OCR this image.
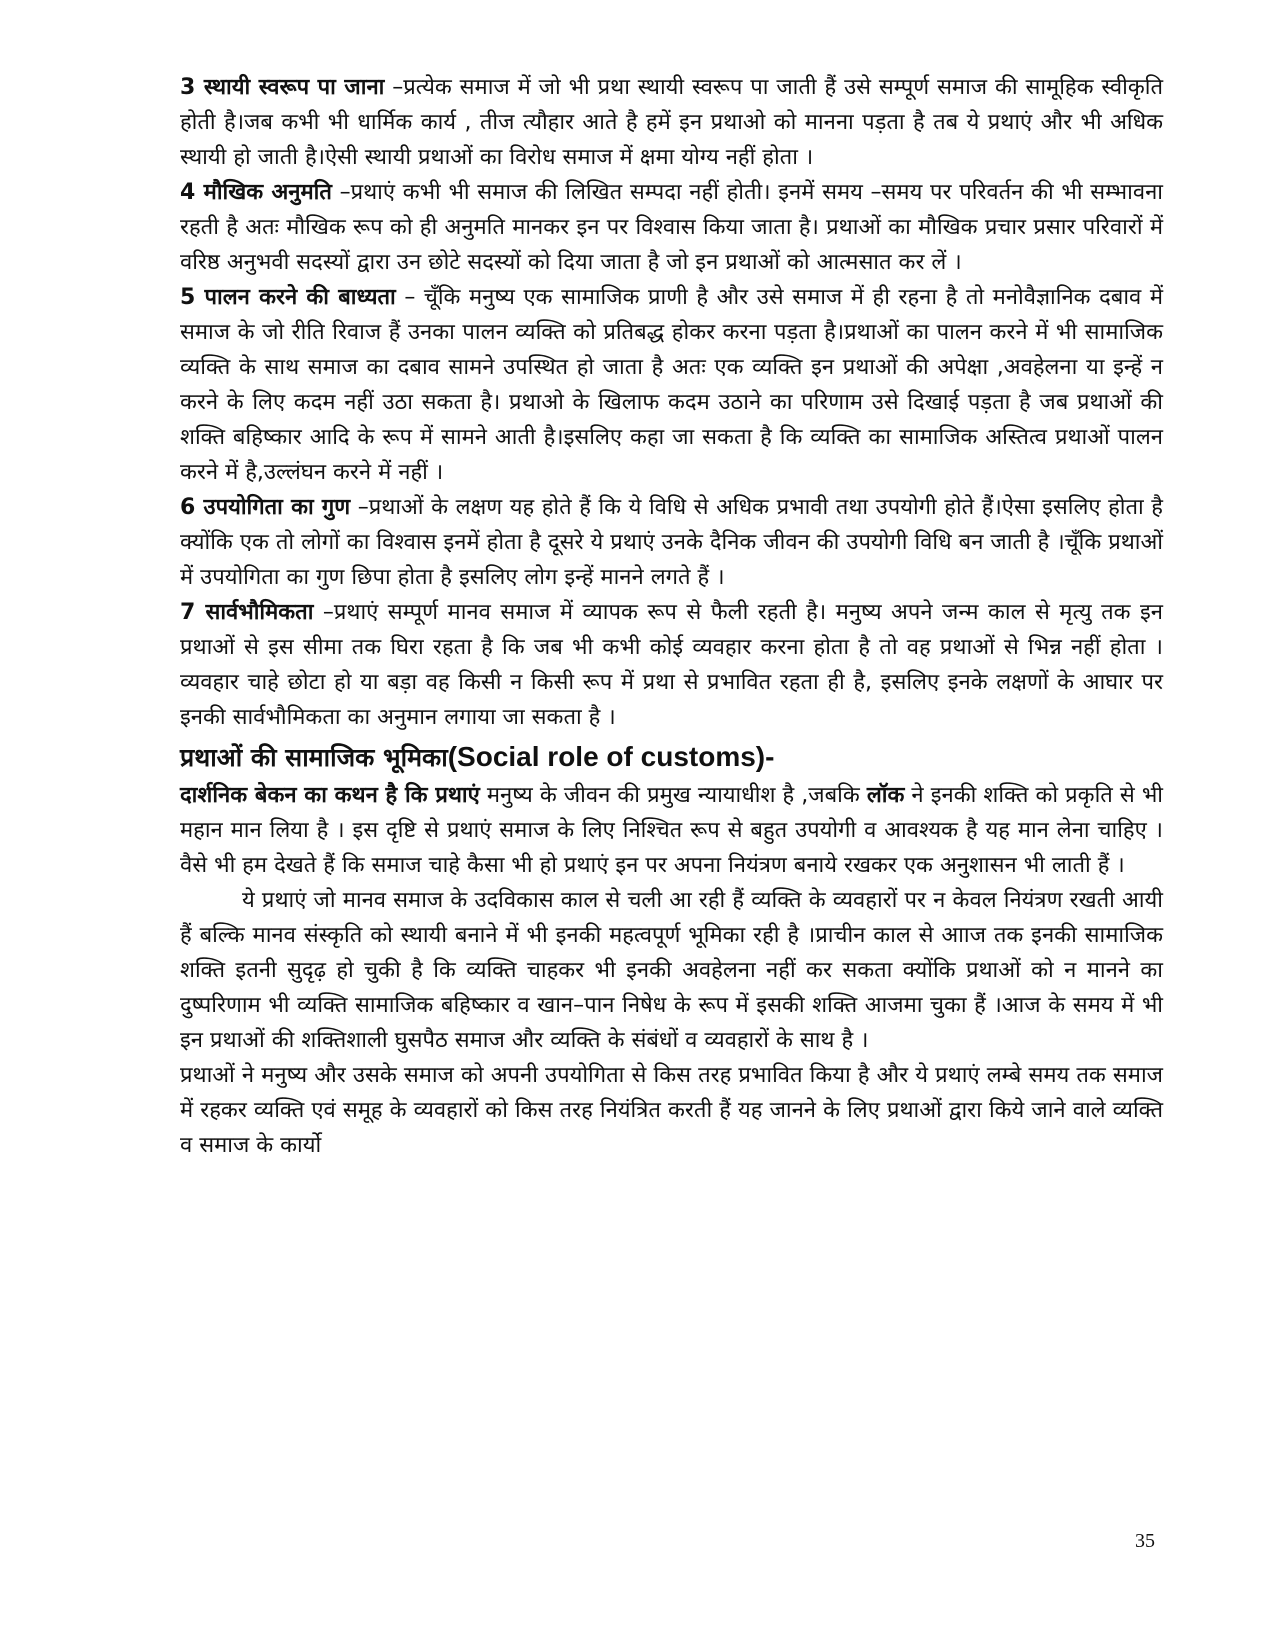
3 स्थायी स्वरूप पा जाना –प्रत्येक समाज में जो भी प्रथा स्थायी स्वरूप पा जाती हैं उसे सम्पूर्ण समाज की सामूहिक स्वीकृति होती है।जब कभी भी धार्मिक कार्य , तीज त्यौहार आते है हमें इन प्रथाओ को मानना पड़ता है तब ये प्रथाएं और भी अधिक स्थायी हो जाती है।ऐसी स्थायी प्रथाओं का विरोध समाज में क्षमा योग्य नहीं होता ।

4 मौखिक अनुमति –प्रथाएं कभी भी समाज की लिखित सम्पदा नहीं होती। इनमें समय –समय पर परिवर्तन की भी सम्भावना रहती है अतः मौखिक रूप को ही अनुमति मानकर इन पर विश्वास किया जाता है। प्रथाओं का मौखिक प्रचार प्रसार परिवारों में वरिष्ठ अनुभवी सदस्यों द्वारा उन छोटे सदस्यों को दिया जाता है जो इन प्रथाओं को आत्मसात कर लें ।

5 पालन करने की बाध्यता – चूँकि मनुष्य एक सामाजिक प्राणी है और उसे समाज में ही रहना है तो मनोवैज्ञानिक दबाव में समाज के जो रीति रिवाज हैं उनका पालन व्यक्ति को प्रतिबद्ध होकर करना पड़ता है।प्रथाओं का पालन करने में भी सामाजिक व्यक्ति के साथ समाज का दबाव सामने उपस्थित हो जाता है अतः एक व्यक्ति इन प्रथाओं की अपेक्षा ,अवहेलना या इन्हें न करने के लिए कदम नहीं उठा सकता है। प्रथाओ के खिलाफ कदम उठाने का परिणाम उसे दिखाई पड़ता है जब प्रथाओं की शक्ति बहिष्कार आदि के रूप में सामने आती है।इसलिए कहा जा सकता है कि व्यक्ति का सामाजिक अस्तित्व प्रथाओं पालन करने में है,उल्लंघन करने में नहीं ।

6 उपयोगिता का गुण –प्रथाओं के लक्षण यह होते हैं कि ये विधि से अधिक प्रभावी तथा उपयोगी होते हैं।ऐसा इसलिए होता है क्योंकि एक तो लोगों का विश्वास इनमें होता है दूसरे ये प्रथाएं उनके दैनिक जीवन की उपयोगी विधि बन जाती है ।चूँकि प्रथाओं में उपयोगिता का गुण छिपा होता है इसलिए लोग इन्हें मानने लगते हैं ।

7 सार्वभौमिकता –प्रथाएं सम्पूर्ण मानव समाज में व्यापक रूप से फैली रहती है। मनुष्य अपने जन्म काल से मृत्यु तक इन प्रथाओं से इस सीमा तक घिरा रहता है कि जब भी कभी कोई व्यवहार करना होता है तो वह प्रथाओं से भिन्न नहीं होता ।व्यवहार चाहे छोटा हो या बड़ा वह किसी न किसी रूप में प्रथा से प्रभावित रहता ही है, इसलिए इनके लक्षणों के आघार पर इनकी सार्वभौमिकता का अनुमान लगाया जा सकता है ।

प्रथाओं की सामाजिक भूमिका(Social role of customs)-

दार्शनिक बेकन का कथन है कि प्रथाएं मनुष्य के जीवन की प्रमुख न्यायाधीश है ,जबकि लॉक ने इनकी शक्ति को प्रकृति से भी महान मान लिया है । इस दृष्टि से प्रथाएं समाज के लिए निश्चित रूप से बहुत उपयोगी व आवश्यक है यह मान लेना चाहिए । वैसे भी हम देखते हैं कि समाज चाहे कैसा भी हो प्रथाएं इन पर अपना नियंत्रण बनाये रखकर एक अनुशासन भी लाती हैं ।

ये प्रथाएं जो मानव समाज के उदविकास काल से चली आ रही हैं व्यक्ति के व्यवहारों पर न केवल नियंत्रण रखती आयी हैं बल्कि मानव संस्कृति को स्थायी बनाने में भी इनकी महत्वपूर्ण भूमिका रही है ।प्राचीन काल से आाज तक इनकी सामाजिक शक्ति इतनी सुदृढ़ हो चुकी है कि व्यक्ति चाहकर भी इनकी अवहेलना नहीं कर सकता क्योंकि प्रथाओं को न मानने का दुष्परिणाम भी व्यक्ति सामाजिक बहिष्कार व खान–पान निषेध के रूप में इसकी शक्ति आजमा चुका हैं ।आज के समय में भी इन प्रथाओं की शक्तिशाली घुसपैठ समाज और व्यक्ति के संबंधों व व्यवहारों के साथ है ।

प्रथाओं ने मनुष्य और उसके समाज को अपनी उपयोगिता से किस तरह प्रभावित किया है और ये प्रथाएं लम्बे समय तक समाज में रहकर व्यक्ति एवं समूह के व्यवहारों को किस तरह नियंत्रित करती हैं यह जानने के लिए प्रथाओं द्वारा किये जाने वाले व्यक्ति व समाज के कार्यो

35
